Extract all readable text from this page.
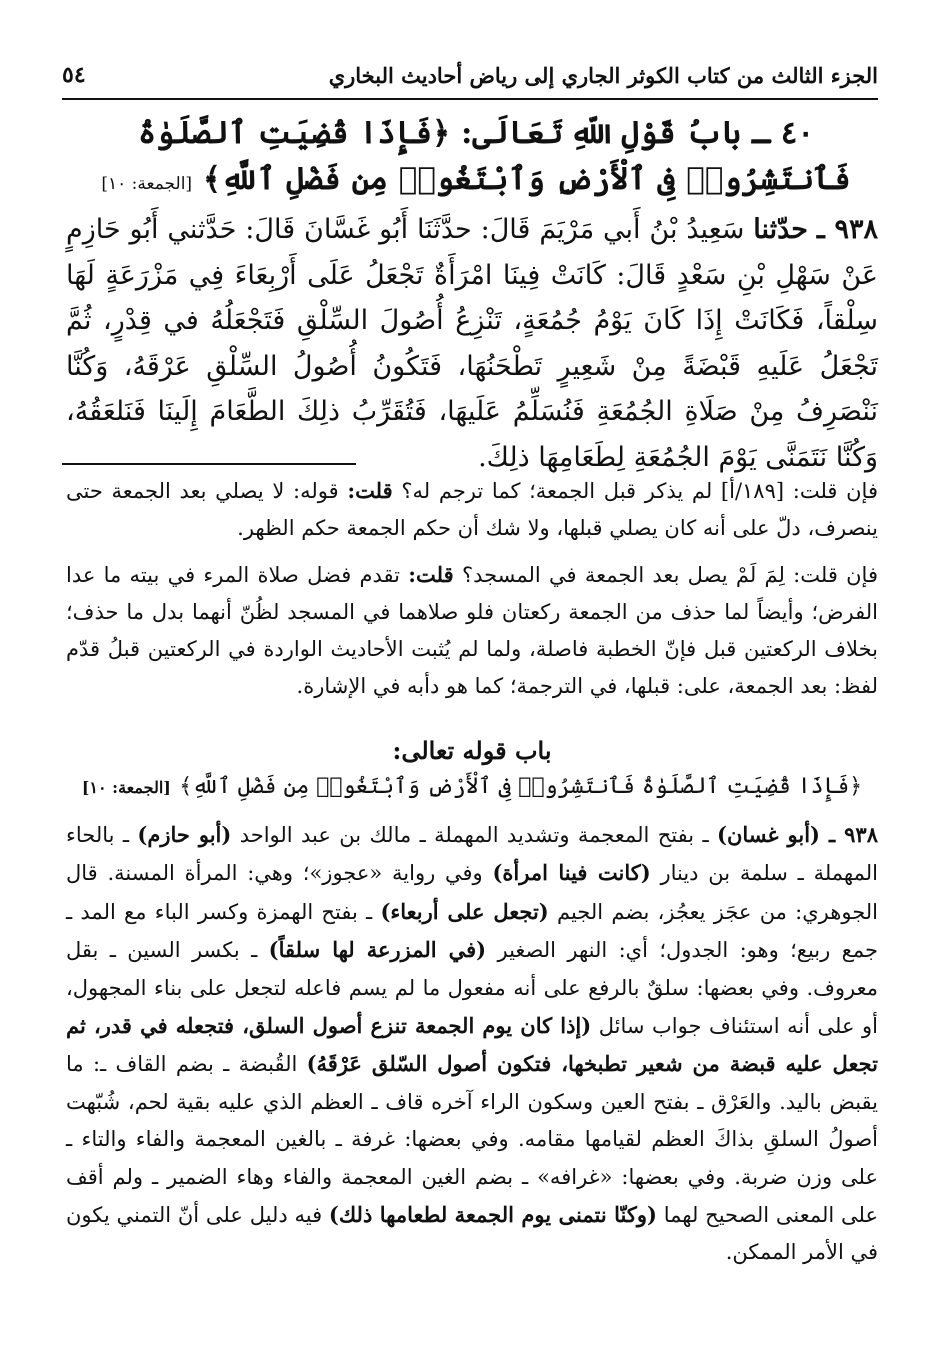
٥٤	الجزء الثالث من كتاب الكوثر الجاري إلى رياض أحاديث البخاري
٤٠ ـ بابُ قَوْلِ اللّهِ تَعَالَى: ﴿فَإِذَا قُضِيَتِ ٱلصَّلَوٰةُ
فَٱنتَشِرُوا۟ فِى ٱلْأَرْضِ وَٱبْتَغُوا۟ مِن فَضْلِ ٱللَّهِ﴾ [الجمعة: ١٠]
٩٣٨ ـ حدّثنا سَعِيدُ بْنُ أَبي مَرْيَمَ قَالَ: حدَّثَنَا أَبُو غَسَّانَ قَالَ: حَدَّثني أَبُو حَازِمٍ عَنْ سَهْلِ بْنِ سَعْدٍ قَالَ: كَانَتْ فِينَا امْرَأَةٌ تَجْعَلُ عَلَى أَرْبِعَاءَ فِي مَزْرَعَةٍ لَهَا سِلْقاً، فَكَانَتْ إِذَا كَانَ يَوْمُ جُمُعَةٍ، تَنْزِعُ أُصُولَ السِّلْقِ فَتَجْعَلُهُ في قِدْرٍ، ثُمَّ تَجْعَلُ عَلَيهِ قَبْضَةً مِنْ شَعِيرٍ تَطْحَنُهَا، فَتَكُونُ أُصُولُ السِّلْقِ عَرْقَهُ، وَكُنَّا نَنْصَرِفُ مِنْ صَلَاةِ الجُمُعَةِ فَنُسَلِّمُ عَلَيهَا، فَتُقَرِّبُ ذلِكَ الطَّعَامَ إِلَينَا فَنَلعَقُهُ، وَكُنَّا نَتَمَنَّى يَوْمَ الجُمُعَةِ لِطَعَامِهَا ذلِكَ.
فإن قلت: [١٨٩/أ] لم يذكر قبل الجمعة؛ كما ترجم له؟ قلت: قوله: لا يصلي بعد الجمعة حتى ينصرف، دلّ على أنه كان يصلي قبلها، ولا شك أن حكم الجمعة حكم الظهر.
فإن قلت: لِمَ لَمْ يصل بعد الجمعة في المسجد؟ قلت: تقدم فضل صلاة المرء في بيته ما عدا الفرض؛ وأيضاً لما حذف من الجمعة ركعتان فلو صلاهما في المسجد لظُنّ أنهما بدل ما حذف؛ بخلاف الركعتين قبل فإنّ الخطبة فاصلة، ولما لم يُثبت الأحاديث الواردة في الركعتين قبلُ قدّم لفظ: بعد الجمعة، على: قبلها، في الترجمة؛ كما هو دأبه في الإشارة.
باب قوله تعالى:
﴿فَإِذَا قُضِيَتِ ٱلصَّلَوٰةُ فَٱنتَشِرُوا۟ فِى ٱلْأَرْضِ وَٱبْتَغُوا۟ مِن فَضْلِ ٱللَّهِ﴾ [الجمعة: ١٠]
٩٣٨ ـ (أبو غسان) ـ بفتح المعجمة وتشديد المهملة ـ مالك بن عبد الواحد (أبو حازم) ـ بالحاء المهملة ـ سلمة بن دينار (كانت فينا امرأة) وفي رواية «عجوز»؛ وهي: المرأة المسنة. قال الجوهري: من عجَز يعجُز، بضم الجيم (تجعل على أربعاء) ـ بفتح الهمزة وكسر الباء مع المد ـ جمع ربيع؛ وهو: الجدول؛ أي: النهر الصغير (في المزرعة لها سلقاً) ـ بكسر السين ـ بقل معروف. وفي بعضها: سلقٌ بالرفع على أنه مفعول ما لم يسم فاعله لتجعل على بناء المجهول، أو على أنه استئناف جواب سائل (إذا كان يوم الجمعة تنزع أصول السلق، فتجعله في قدر، ثم تجعل عليه قبضة من شعير تطبخها، فتكون أصول السّلق عَرْقَهُ) القُبضة ـ بضم القاف ـ: ما يقبض باليد. والعَرْق ـ بفتح العين وسكون الراء آخره قاف ـ العظم الذي عليه بقية لحم، شُبّهت أصولُ السلقِ بذاكَ العظم لقيامها مقامه. وفي بعضها: غرفة ـ بالغين المعجمة والفاء والتاء ـ على وزن ضربة. وفي بعضها: «غرافه» ـ بضم الغين المعجمة والفاء وهاء الضمير ـ ولم أقف على المعنى الصحيح لهما (وكنّا نتمنى يوم الجمعة لطعامها ذلك) فيه دليل على أنّ التمني يكون في الأمر الممكن.
